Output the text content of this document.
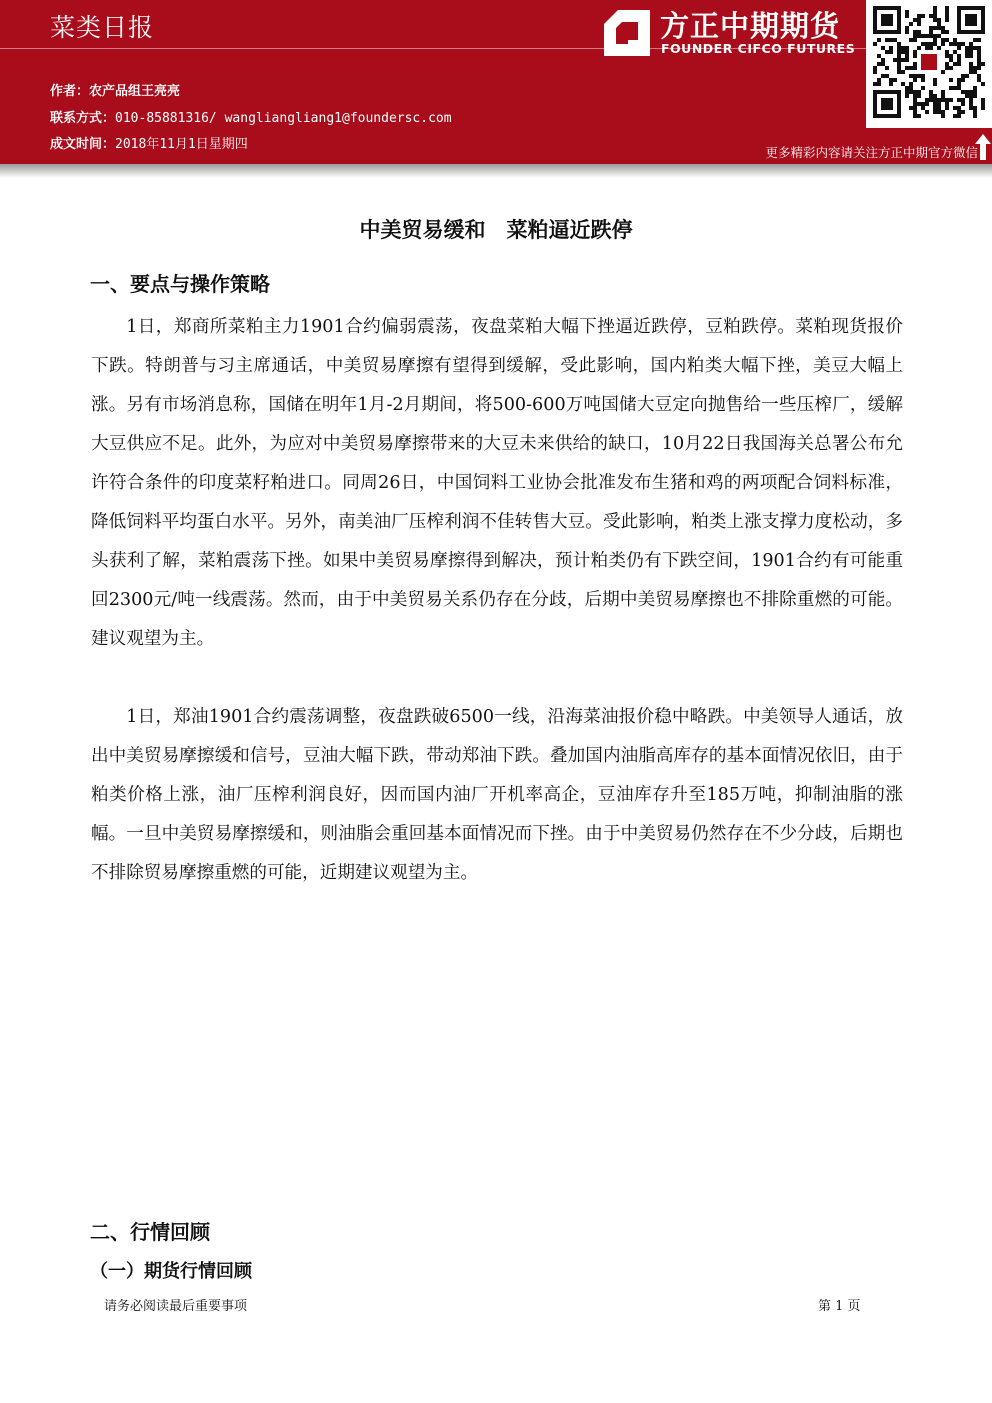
菜类日报	方正中期期货
FOUNDER CIFCO FUTURES
作者：农产品组王亮亮
联系方式：010-85881316/ wangliangliang1@foundersc.com
成文时间：2018年11月1日星期四
更多精彩内容请关注方正中期官方微信
中美贸易缓和　菜粕逼近跌停
一、要点与操作策略
1日，郑商所菜粕主力1901合约偏弱震荡，夜盘菜粕大幅下挫逼近跌停，豆粕跌停。菜粕现货报价下跌。特朗普与习主席通话，中美贸易摩擦有望得到缓解，受此影响，国内粕类大幅下挫，美豆大幅上涨。另有市场消息称，国储在明年1月-2月期间，将500-600万吨国储大豆定向抛售给一些压榨厂，缓解大豆供应不足。此外，为应对中美贸易摩擦带来的大豆未来供给的缺口，10月22日我国海关总署公布允许符合条件的印度菜籽粕进口。同周26日，中国饲料工业协会批准发布生猪和鸡的两项配合饲料标准，降低饲料平均蛋白水平。另外，南美油厂压榨利润不佳转售大豆。受此影响，粕类上涨支撑力度松动，多头获利了解，菜粕震荡下挫。如果中美贸易摩擦得到解决，预计粕类仍有下跌空间，1901合约有可能重回2300元/吨一线震荡。然而，由于中美贸易关系仍存在分歧，后期中美贸易摩擦也不排除重燃的可能。建议观望为主。
1日，郑油1901合约震荡调整，夜盘跌破6500一线，沿海菜油报价稳中略跌。中美领导人通话，放出中美贸易摩擦缓和信号，豆油大幅下跌，带动郑油下跌。叠加国内油脂高库存的基本面情况依旧，由于粕类价格上涨，油厂压榨利润良好，因而国内油厂开机率高企，豆油库存升至185万吨，抑制油脂的涨幅。一旦中美贸易摩擦缓和，则油脂会重回基本面情况而下挫。由于中美贸易仍然存在不少分歧，后期也不排除贸易摩擦重燃的可能，近期建议观望为主。
二、行情回顾
（一）期货行情回顾
请务必阅读最后重要事项	第 1 页
